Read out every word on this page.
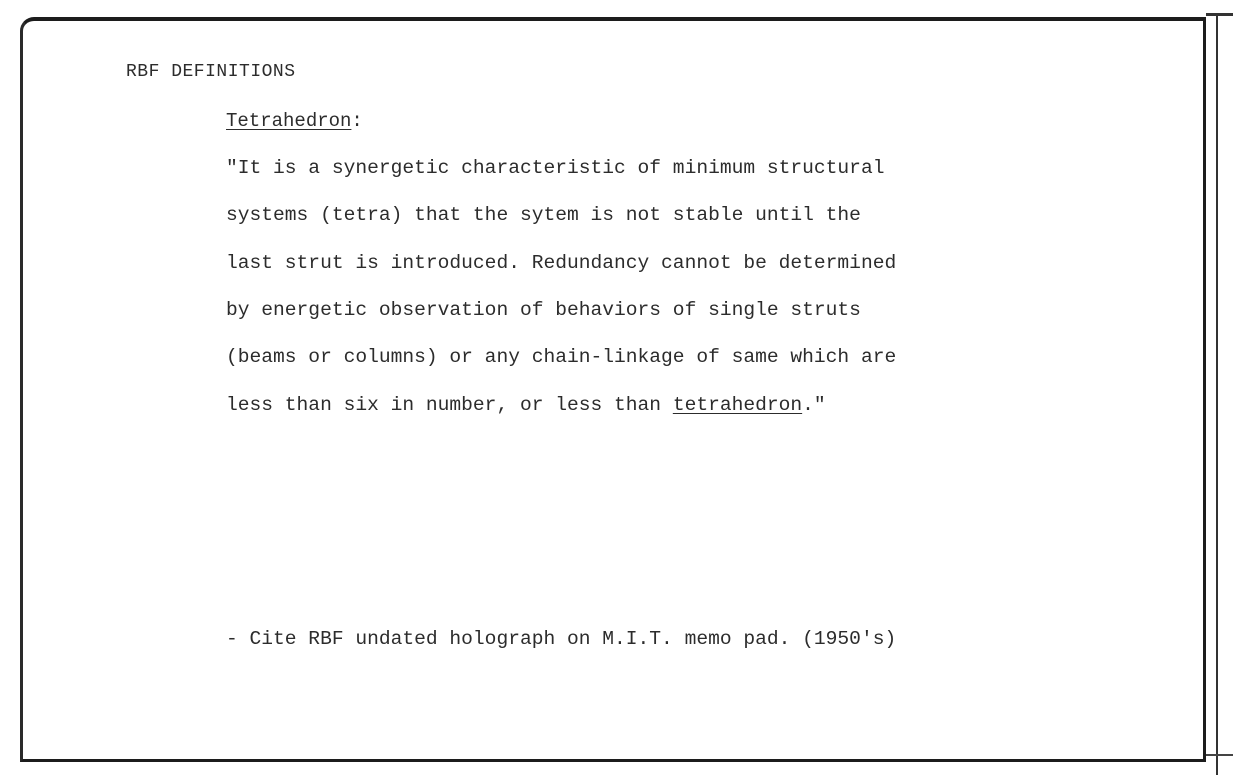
RBF DEFINITIONS
Tetrahedron:
"It is a synergetic characteristic of minimum structural
systems (tetra) that the sytem is not stable until the
last strut is introduced. Redundancy cannot be determined
by energetic observation of behaviors of single struts
(beams or columns) or any chain-linkage of same which are
less than six in number, or less than tetrahedron."
- Cite RBF undated holograph on M.I.T. memo pad. (1950's)
